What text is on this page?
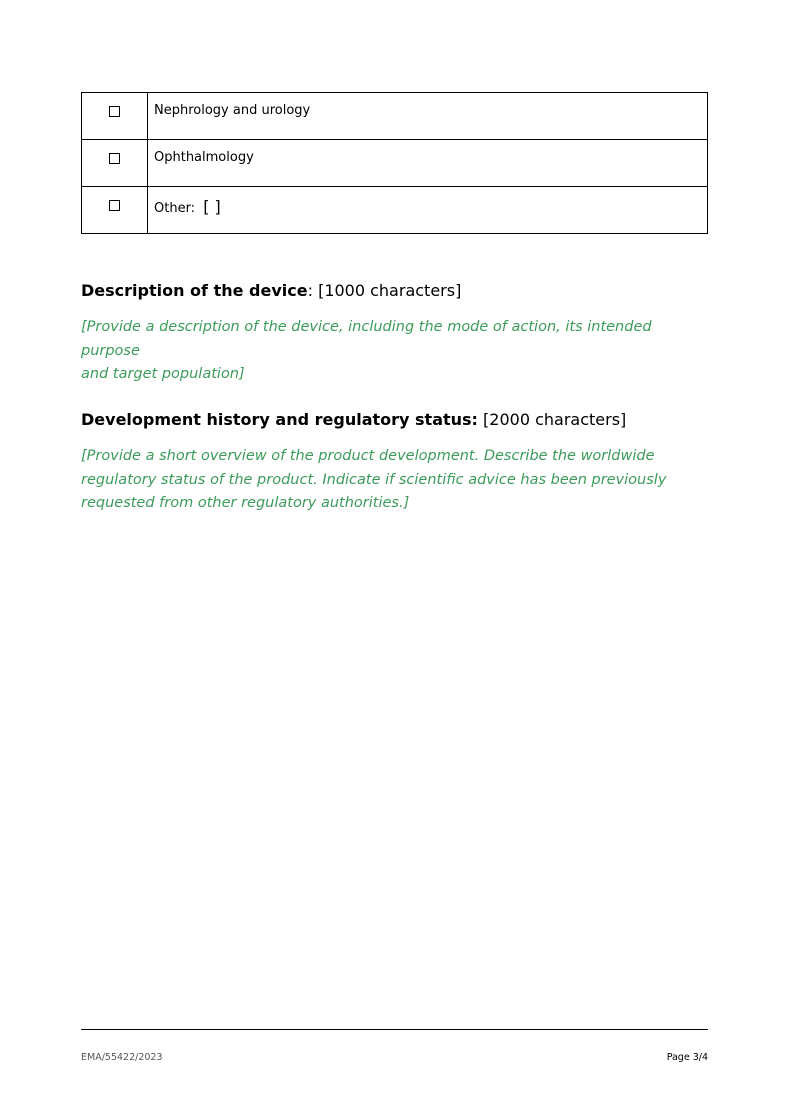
	Nephrology and urology
	Ophthalmology
	Other: [ ]
Description of the device: [1000 characters]

[Provide a description of the device, including the mode of action, its intended purpose
and target population]

Development history and regulatory status: [2000 characters]

[Provide a short overview of the product development. Describe the worldwide
regulatory status of the product. Indicate if scientific advice has been previously
requested from other regulatory authorities.]

EMA/55422/2023	Page 3/4
